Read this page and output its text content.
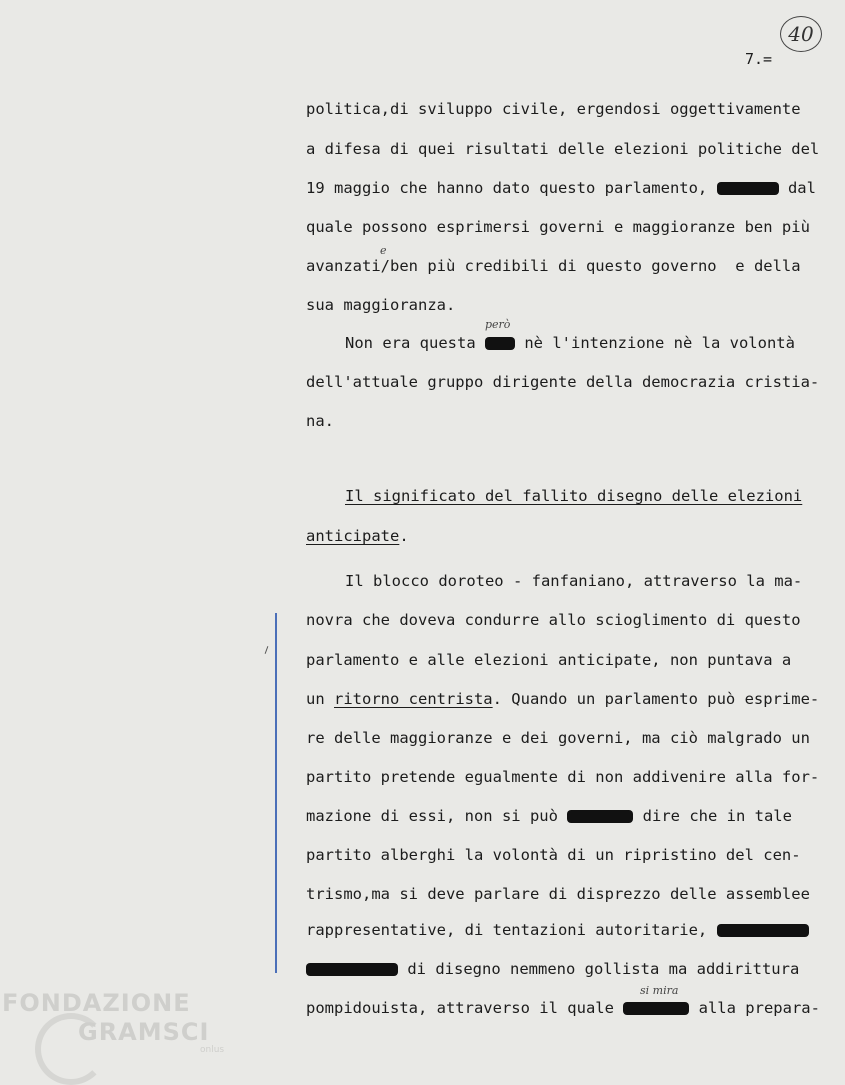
7.=
40
politica,di sviluppo civile, ergendosi oggettivamente
a difesa di quei risultati delle elezioni politiche del
19 maggio che hanno dato questo parlamento,	dal
quale possono esprimersi governi e maggioranze ben più
e
avanzati/ben più credibili di questo governo  e della
sua maggioranza.
però
Non era questa	nè l'intenzione nè la volontà
dell'attuale gruppo dirigente della democrazia cristia-
na.
Il significato del fallito disegno delle elezioni
anticipate.
Il blocco doroteo - fanfaniano, attraverso la ma-
novra che doveva condurre allo scioglimento di questo
parlamento e alle elezioni anticipate, non puntava a
un ritorno centrista. Quando un parlamento può esprime-
re delle maggioranze e dei governi, ma ciò malgrado un
partito pretende egualmente di non addivenire alla for-
mazione di essi, non si può	dire che in tale
partito alberghi la volontà di un ripristino del cen-
trismo,ma si deve parlare di disprezzo delle assemblee
rappresentative, di tentazioni autoritarie,
di disegno nemmeno gollista ma addirittura
si mira
pompidouista, attraverso il quale	alla prepara-
FONDAZIONE
GRAMSCI
onlus
